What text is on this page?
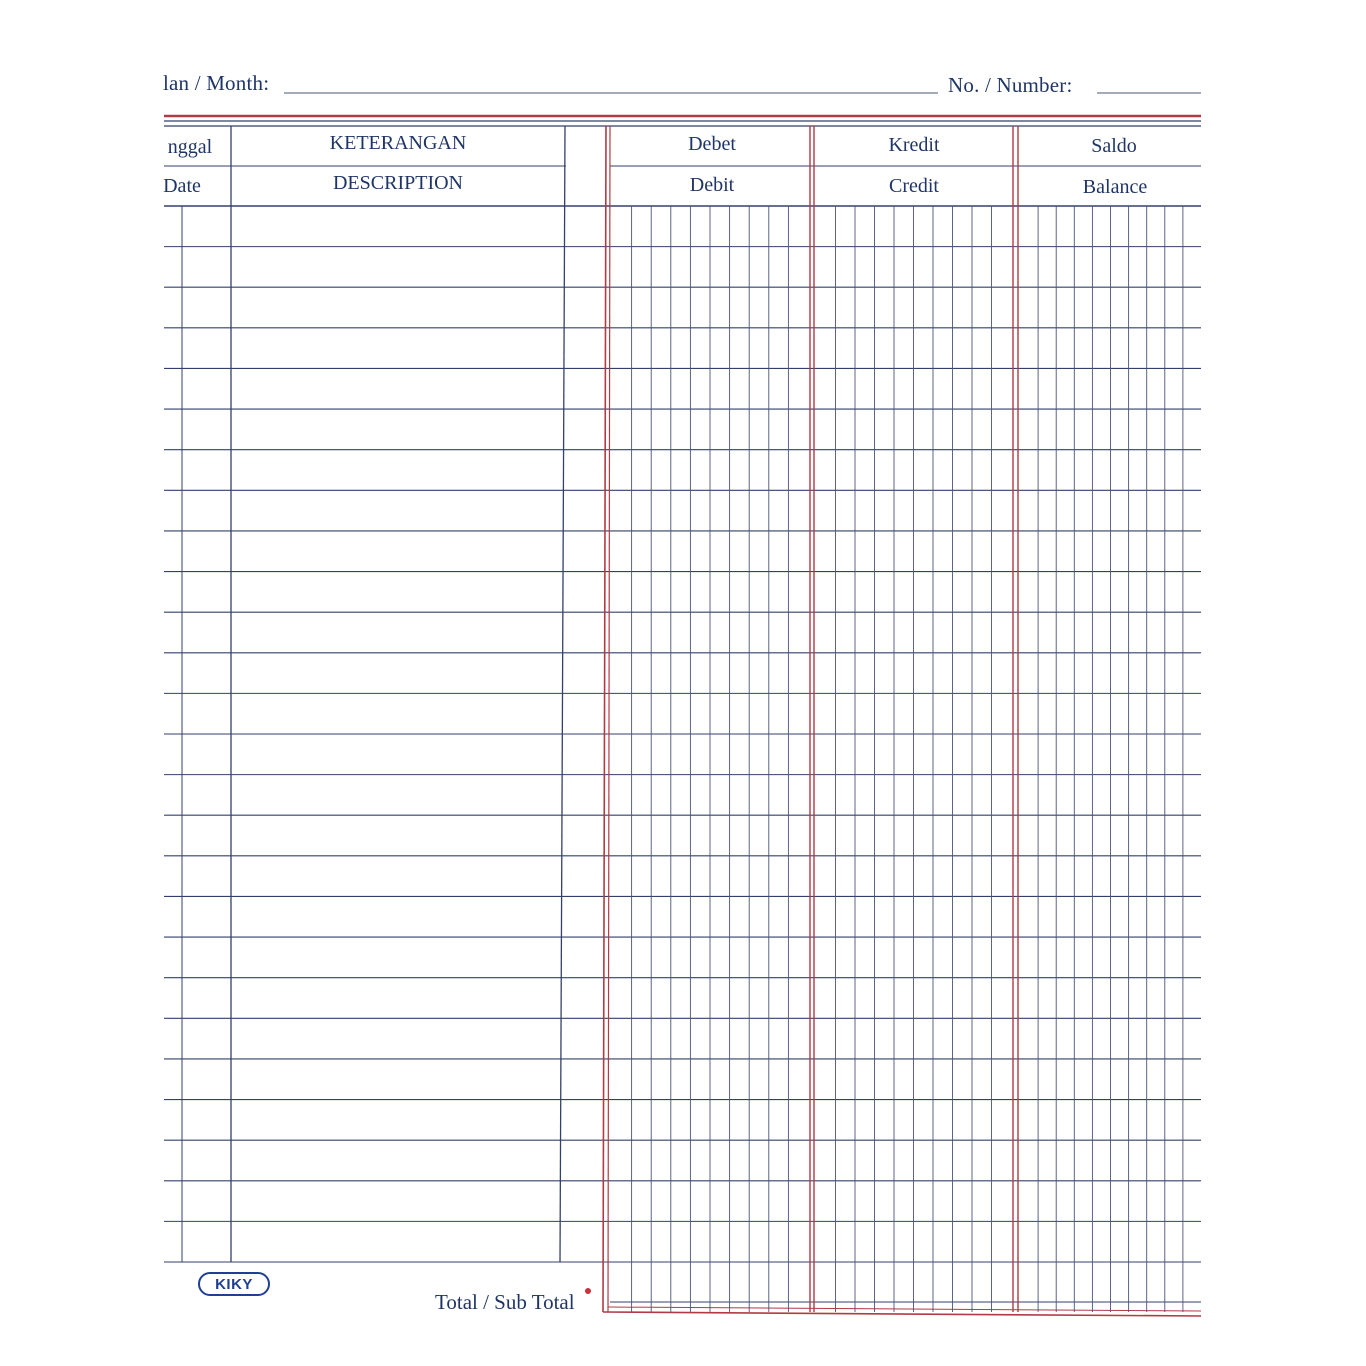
lan / Month:	No. / Number:
nggal	KETERANGAN	Debet	Kredit	Saldo
Date	DESCRIPTION	Debit	Credit	Balance
KIKY
Total / Sub Total
